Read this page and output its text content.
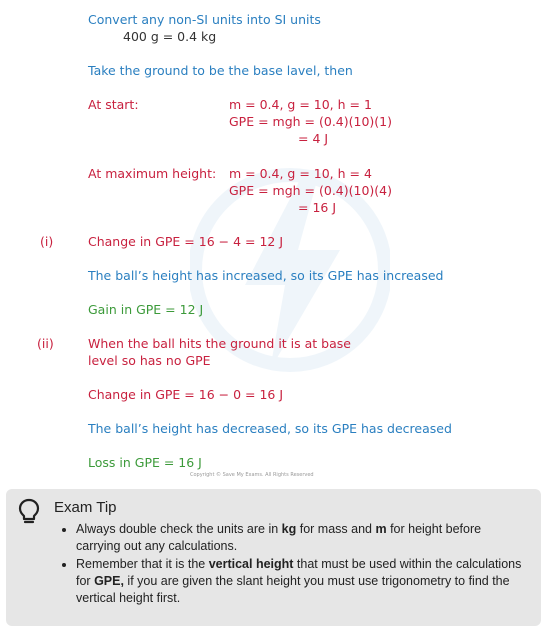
Convert any non-SI units into SI units
400 g = 0.4 kg
Take the ground to be the base lavel, then
At start:	m = 0.4, g = 10, h = 1
GPE = mgh = (0.4)(10)(1)
= 4 J
At maximum height: m = 0.4, g = 10, h = 4
GPE = mgh = (0.4)(10)(4)
= 16 J
(i)	Change in GPE = 16 − 4 = 12 J
The ball’s height has increased, so its GPE has increased
Gain in GPE = 12 J
(ii)	When the ball hits the ground it is at base
level so has no GPE
Change in GPE = 16 − 0 = 16 J
The ball’s height has decreased, so its GPE has decreased
Loss in GPE = 16 J
Copyright © Save My Exams. All Rights Reserved
Exam Tip
• Always double check the units are in kg for mass and m for height before carrying out any calculations.
• Remember that it is the vertical height that must be used within the calculations for GPE, if you are given the slant height you must use trigonometry to find the vertical height first.
